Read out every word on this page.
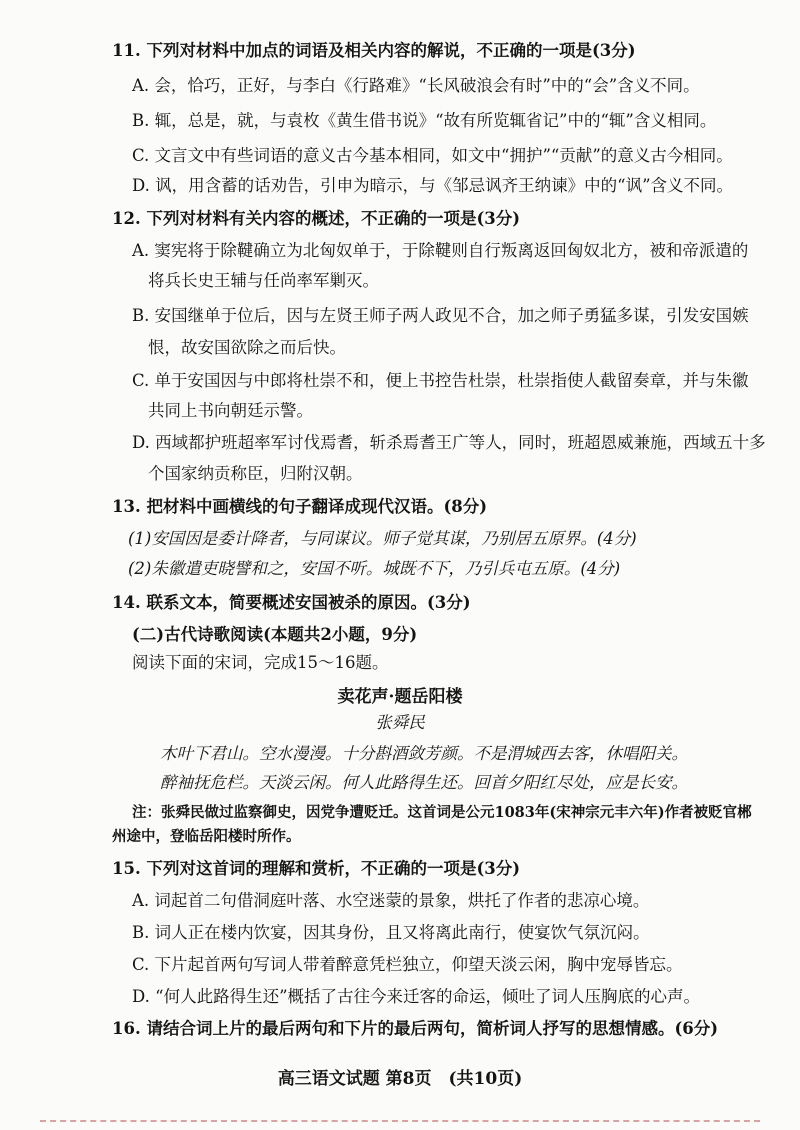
11. 下列对材料中加点的词语及相关内容的解说，不正确的一项是(3分)
A. 会，恰巧，正好，与李白《行路难》“长风破浪会有时”中的“会”含义不同。
B. 辄，总是，就，与袁枚《黄生借书说》“故有所览辄省记”中的“辄”含义相同。
C. 文言文中有些词语的意义古今基本相同，如文中“拥护”“贡献”的意义古今相同。
D. 讽，用含蓄的话劝告，引申为暗示，与《邹忌讽齐王纳谏》中的“讽”含义不同。
12. 下列对材料有关内容的概述，不正确的一项是(3分)
A. 窦宪将于除鞬确立为北匈奴单于，于除鞬则自行叛离返回匈奴北方，被和帝派遣的
将兵长史王辅与任尚率军剿灭。
B. 安国继单于位后，因与左贤王师子两人政见不合，加之师子勇猛多谋，引发安国嫉
恨，故安国欲除之而后快。
C. 单于安国因与中郎将杜崇不和，便上书控告杜崇，杜崇指使人截留奏章，并与朱徽
共同上书向朝廷示警。
D. 西域都护班超率军讨伐焉耆，斩杀焉耆王广等人，同时，班超恩威兼施，西域五十多
个国家纳贡称臣，归附汉朝。
13. 把材料中画横线的句子翻译成现代汉语。(8分)
(1)安国因是委计降者，与同谋议。师子觉其谋，乃别居五原界。(4分)
(2)朱徽遣吏晓譬和之，安国不听。城既不下，乃引兵屯五原。(4分)
14. 联系文本，简要概述安国被杀的原因。(3分)
(二)古代诗歌阅读(本题共2小题，9分)
阅读下面的宋词，完成15～16题。
卖花声·题岳阳楼
张舜民
木叶下君山。空水漫漫。十分斟酒敛芳颜。不是渭城西去客，休唱阳关。
醉袖抚危栏。天淡云闲。何人此路得生还。回首夕阳红尽处，应是长安。
注：张舜民做过监察御史，因党争遭贬迁。这首词是公元1083年(宋神宗元丰六年)作者被贬官郴
州途中，登临岳阳楼时所作。
15. 下列对这首词的理解和赏析，不正确的一项是(3分)
A. 词起首二句借洞庭叶落、水空迷蒙的景象，烘托了作者的悲凉心境。
B. 词人正在楼内饮宴，因其身份，且又将离此南行，使宴饮气氛沉闷。
C. 下片起首两句写词人带着醉意凭栏独立，仰望天淡云闲，胸中宠辱皆忘。
D. “何人此路得生还”概括了古往今来迁客的命运，倾吐了词人压胸底的心声。
16. 请结合词上片的最后两句和下片的最后两句，简析词人抒写的思想情感。(6分)
高三语文试题 第8页　(共10页)
